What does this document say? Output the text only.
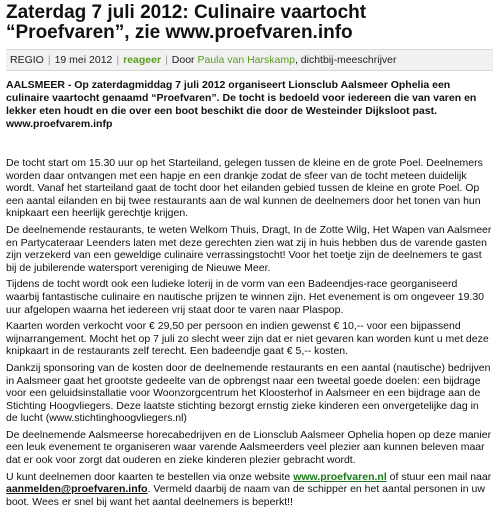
Zaterdag 7 juli 2012: Culinaire vaartocht
“Proefvaren”, zie www.proefvaren.info
REGIO | 19 mei 2012 | reageer | Door Paula van Harskamp, dichtbij-meeschrijver

AALSMEER - Op zaterdagmiddag 7 juli 2012 organiseert Lionsclub Aalsmeer Ophelia een culinaire vaartocht genaamd “Proefvaren”. De tocht is bedoeld voor iedereen die van varen en lekker eten houdt en die over een boot beschikt die door de Westeinder Dijksloot past. www.proefvarem.infp

De tocht start om 15.30 uur op het Starteiland, gelegen tussen de kleine en de grote Poel. Deelnemers worden daar ontvangen met een hapje en een drankje zodat de sfeer van de tocht meteen duidelijk wordt. Vanaf het starteiland gaat de tocht door het eilanden gebied tussen de kleine en grote Poel. Op een aantal eilanden en bij twee restaurants aan de wal kunnen de deelnemers door het tonen van hun knipkaart een heerlijk gerechtje krijgen.

De deelnemende restaurants, te weten Welkom Thuis, Dragt, In de Zotte Wilg, Het Wapen van Aalsmeer en Partycateraar Leenders laten met deze gerechten zien wat zij in huis hebben dus de varende gasten zijn verzekerd van een geweldige culinaire verrassingstocht! Voor het toetje zijn de deelnemers te gast bij de jubilerende watersport vereniging de Nieuwe Meer.

Tijdens de tocht wordt ook een ludieke loterij in de vorm van een Badeendjes-race georganiseerd waarbij fantastische culinaire en nautische prijzen te winnen zijn. Het evenement is om ongeveer 19.30 uur afgelopen waarna het iedereen vrij staat door te varen naar Plaspop.

Kaarten worden verkocht voor € 29,50 per persoon en indien gewenst € 10,-- voor een bijpassend wijnarrangement. Mocht het op 7 juli zo slecht weer zijn dat er niet gevaren kan worden kunt u met deze knipkaart in de restaurants zelf terecht. Een badeendje gaat € 5,-- kosten.

Dankzij sponsoring van de kosten door de deelnemende restaurants en een aantal (nautische) bedrijven in Aalsmeer gaat het grootste gedeelte van de opbrengst naar een tweetal goede doelen: een bijdrage voor een geluidsinstallatie voor Woonzorgcentrum het Kloosterhof in Aalsmeer en een bijdrage aan de Stichting Hoogvliegers. Deze laatste stichting bezorgt ernstig zieke kinderen een onvergetelijke dag in de lucht (www.stichtinghoogvliegers.nl)

De deelnemende Aalsmeerse horecabedrijven en de Lionsclub Aalsmeer Ophelia hopen op deze manier een leuk evenement te organiseren waar varende Aalsmeerders veel plezier aan kunnen beleven maar dat er ook voor zorgt dat ouderen en zieke kinderen plezier gebracht wordt.

U kunt deelnemen door kaarten te bestellen via onze website www.proefvaren.nl of stuur een mail naar aanmelden@proefvaren.info. Vermeld daarbij de naam van de schipper en het aantal personen in uw boot. Wees er snel bij want het aantal deelnemers is beperkt!!
